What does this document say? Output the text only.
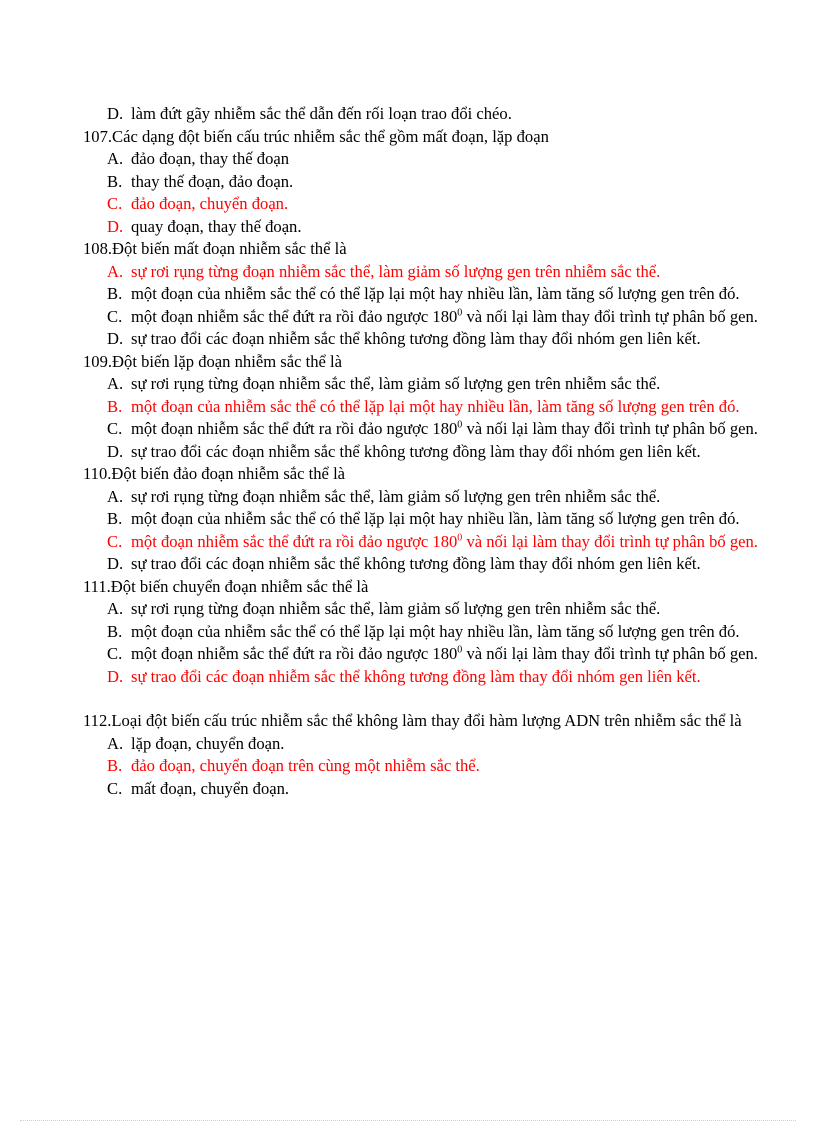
D. làm đứt gãy nhiễm sắc thể dẫn đến rối loạn trao đổi chéo.
107.Các dạng đột biến cấu trúc nhiễm sắc thể gồm mất đoạn, lặp đoạn
A. đảo đoạn, thay thế đoạn
B. thay thế đoạn, đảo đoạn.
C. đảo đoạn, chuyển đoạn.
D. quay đoạn, thay thế đoạn.
108.Đột biến mất đoạn nhiễm sắc thể là
A. sự rơi rụng từng đoạn nhiễm sắc thể, làm giảm số lượng gen trên nhiễm sắc thể.
B. một đoạn của nhiễm sắc thể có thể lặp lại một hay nhiều lần, làm tăng số lượng gen trên đó.
C. một đoạn nhiễm sắc thể đứt ra rồi đảo ngược $180^0$ và nối lại làm thay đổi trình tự phân bố gen.
D. sự trao đổi các đoạn nhiễm sắc thể không tương đồng làm thay đổi nhóm gen liên kết.
109.Đột biến lặp đoạn nhiễm sắc thể là
A. sự rơi rụng từng đoạn nhiễm sắc thể, làm giảm số lượng gen trên nhiễm sắc thể.
B. một đoạn của nhiễm sắc thể có thể lặp lại một hay nhiều lần, làm tăng số lượng gen trên đó.
C. một đoạn nhiễm sắc thể đứt ra rồi đảo ngược $180^0$ và nối lại làm thay đổi trình tự phân bố gen.
D. sự trao đổi các đoạn nhiễm sắc thể không tương đồng làm thay đổi nhóm gen liên kết.
110.Đột biến đảo đoạn nhiễm sắc thể là
A. sự rơi rụng từng đoạn nhiễm sắc thể, làm giảm số lượng gen trên nhiễm sắc thể.
B. một đoạn của nhiễm sắc thể có thể lặp lại một hay nhiều lần, làm tăng số lượng gen trên đó.
C. một đoạn nhiễm sắc thể đứt ra rồi đảo ngược $180^0$ và nối lại làm thay đổi trình tự phân bố gen.
D. sự trao đổi các đoạn nhiễm sắc thể không tương đồng làm thay đổi nhóm gen liên kết.
111.Đột biến chuyển đoạn nhiễm sắc thể là
A. sự rơi rụng từng đoạn nhiễm sắc thể, làm giảm số lượng gen trên nhiễm sắc thể.
B. một đoạn của nhiễm sắc thể có thể lặp lại một hay nhiều lần, làm tăng số lượng gen trên đó.
C. một đoạn nhiễm sắc thể đứt ra rồi đảo ngược $180^0$ và nối lại làm thay đổi trình tự phân bố gen.
D. sự trao đổi các đoạn nhiễm sắc thể không tương đồng làm thay đổi nhóm gen liên kết.
112.Loại đột biến cấu trúc nhiễm sắc thể không làm thay đổi hàm lượng ADN trên nhiễm sắc thể là
A. lặp đoạn, chuyển đoạn.
B. đảo đoạn, chuyển đoạn trên cùng một nhiễm sắc thể.
C. mất đoạn, chuyển đoạn.
